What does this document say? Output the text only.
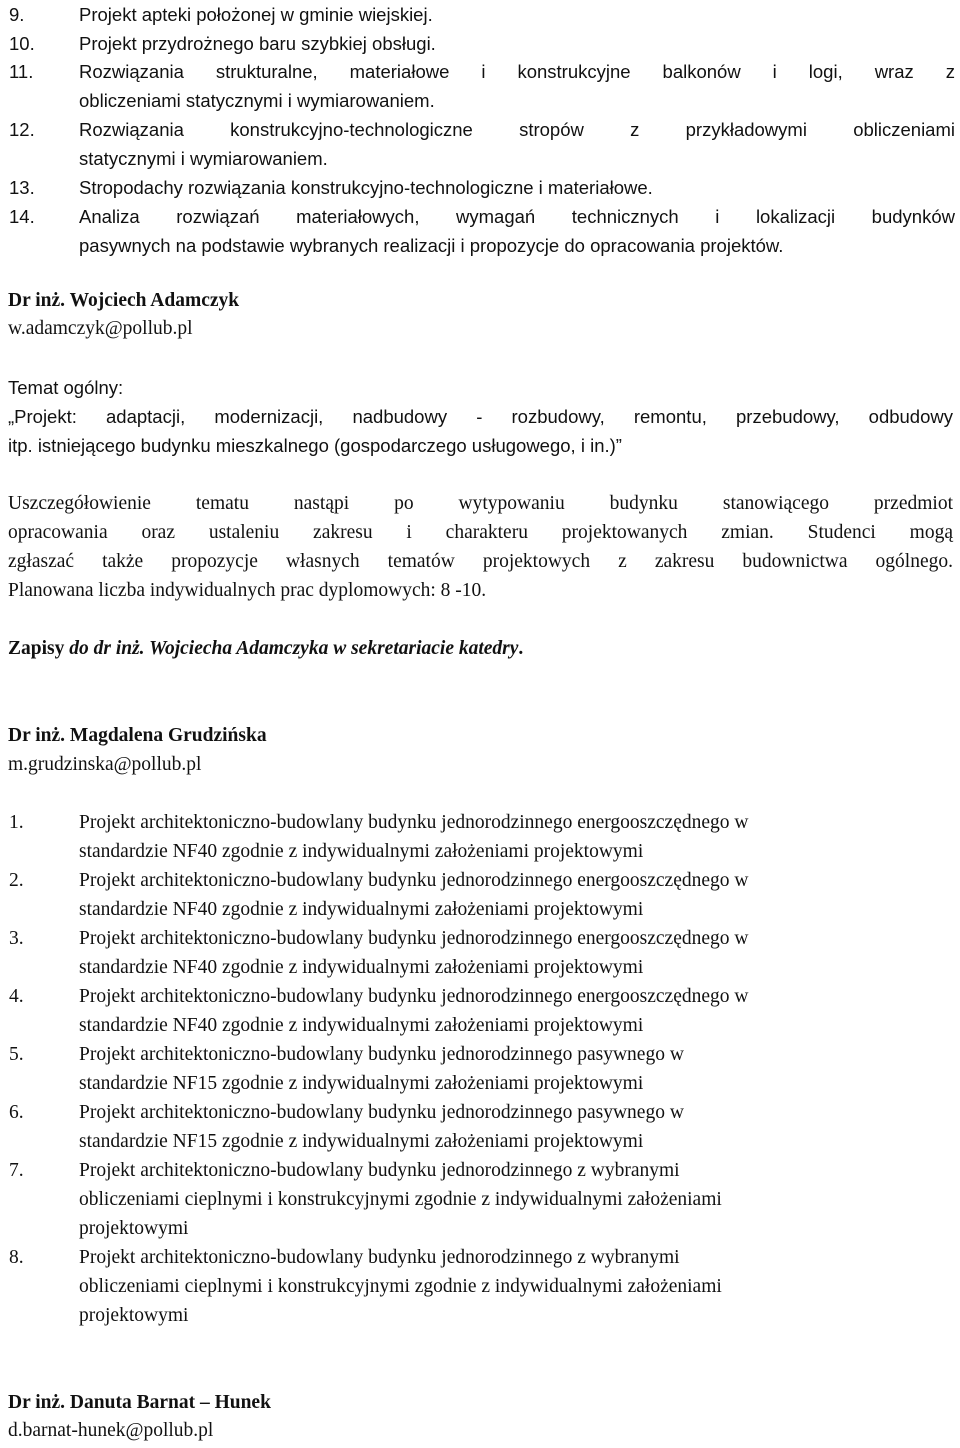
9.	Projekt apteki położonej w gminie wiejskiej.
10.	Projekt przydrożnego baru szybkiej obsługi.
11.	Rozwiązania strukturalne, materiałowe i konstrukcyjne balkonów i logi, wraz z
obliczeniami statycznymi i wymiarowaniem.
12.	Rozwiązania konstrukcyjno-technologiczne stropów z przykładowymi obliczeniami
statycznymi i wymiarowaniem.
13.	Stropodachy rozwiązania konstrukcyjno-technologiczne i materiałowe.
14.	Analiza rozwiązań materiałowych, wymagań technicznych i lokalizacji budynków
pasywnych na podstawie wybranych realizacji i propozycje do opracowania projektów.
Dr inż. Wojciech Adamczyk
w.adamczyk@pollub.pl
Temat ogólny:
„Projekt: adaptacji, modernizacji, nadbudowy - rozbudowy, remontu, przebudowy, odbudowy
itp. istniejącego budynku mieszkalnego (gospodarczego usługowego, i in.)”
Uszczegółowienie tematu nastąpi po wytypowaniu budynku stanowiącego przedmiot
opracowania oraz ustaleniu zakresu i charakteru projektowanych zmian. Studenci mogą
zgłaszać także propozycje własnych tematów projektowych z zakresu budownictwa ogólnego.
Planowana liczba indywidualnych prac dyplomowych: 8 -10.
Zapisy do dr inż. Wojciecha Adamczyka w sekretariacie katedry.
Dr inż. Magdalena Grudzińska
m.grudzinska@pollub.pl
1.	Projekt architektoniczno-budowlany budynku jednorodzinnego energooszczędnego w
standardzie NF40 zgodnie z indywidualnymi założeniami projektowymi
2.	Projekt architektoniczno-budowlany budynku jednorodzinnego energooszczędnego w
standardzie NF40 zgodnie z indywidualnymi założeniami projektowymi
3.	Projekt architektoniczno-budowlany budynku jednorodzinnego energooszczędnego w
standardzie NF40 zgodnie z indywidualnymi założeniami projektowymi
4.	Projekt architektoniczno-budowlany budynku jednorodzinnego energooszczędnego w
standardzie NF40 zgodnie z indywidualnymi założeniami projektowymi
5.	Projekt architektoniczno-budowlany budynku jednorodzinnego pasywnego w
standardzie NF15 zgodnie z indywidualnymi założeniami projektowymi
6.	Projekt architektoniczno-budowlany budynku jednorodzinnego pasywnego w
standardzie NF15 zgodnie z indywidualnymi założeniami projektowymi
7.	Projekt architektoniczno-budowlany budynku jednorodzinnego z wybranymi
obliczeniami cieplnymi i konstrukcyjnymi zgodnie z indywidualnymi założeniami
projektowymi
8.	Projekt architektoniczno-budowlany budynku jednorodzinnego z wybranymi
obliczeniami cieplnymi i konstrukcyjnymi zgodnie z indywidualnymi założeniami
projektowymi
Dr inż. Danuta Barnat – Hunek
d.barnat-hunek@pollub.pl
